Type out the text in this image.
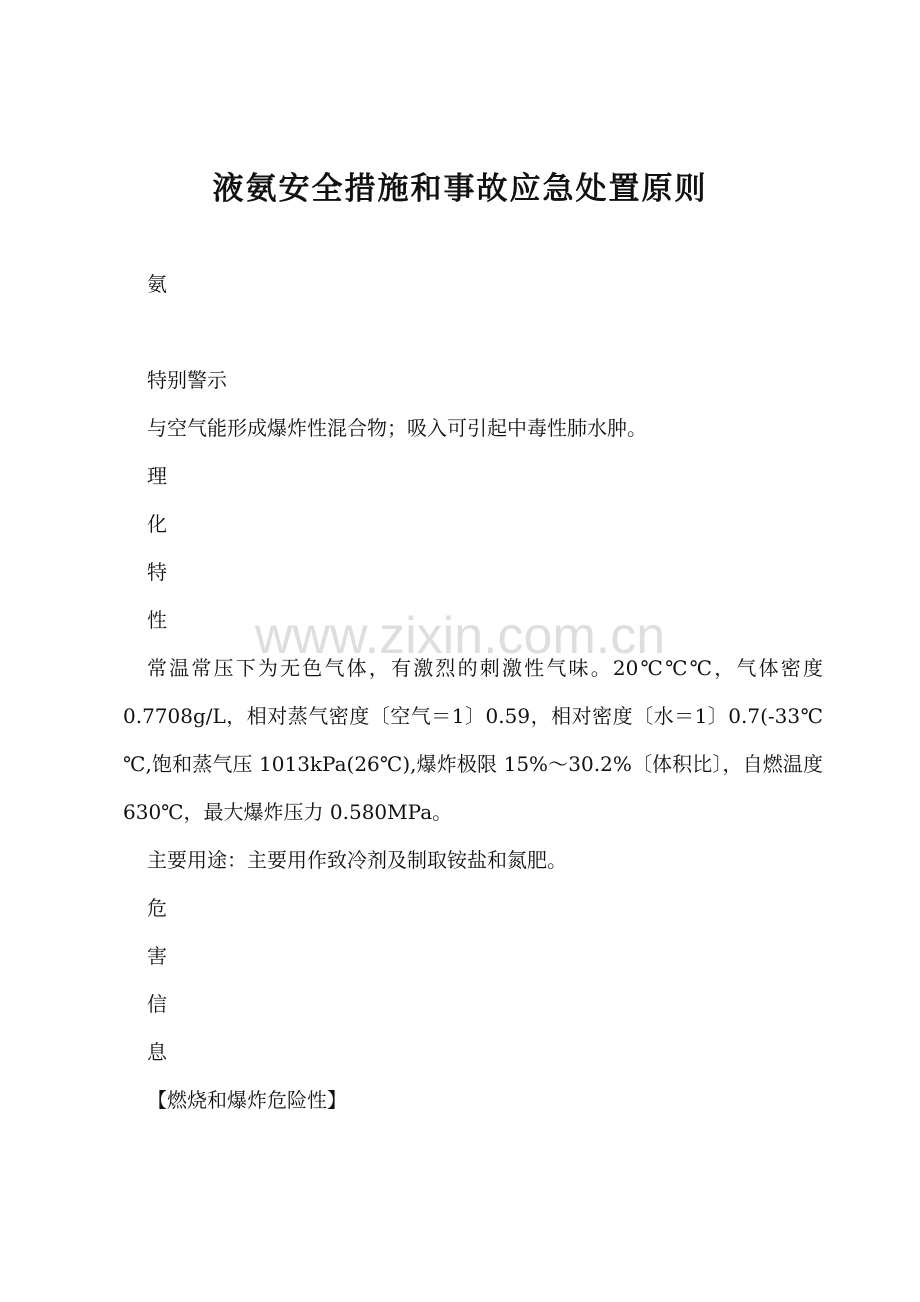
液氨安全措施和事故应急处置原则

氨

特别警示

与空气能形成爆炸性混合物；吸入可引起中毒性肺水肿。

理

化

特

性

常温常压下为无色气体，有激烈的刺激性气味。20℃℃℃，气体密度 0.7708g/L，相对蒸气密度〔空气＝1〕0.59，相对密度〔水＝1〕0.7(-33℃℃,饱和蒸气压 1013kPa(26℃),爆炸极限 15%～30.2%〔体积比〕，自燃温度 630℃，最大爆炸压力 0.580MPa。

主要用途：主要用作致冷剂及制取铵盐和氮肥。

危

害

信

息

【燃烧和爆炸危险性】

www.zixin.com.cn
